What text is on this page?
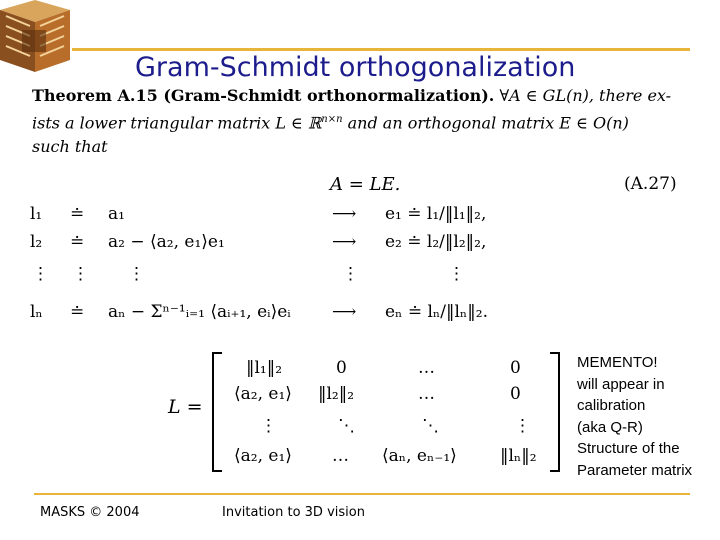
Gram-Schmidt orthogonalization
Theorem A.15 (Gram-Schmidt orthonormalization). ∀A ∈ GL(n), there ex-
ists a lower triangular matrix L ∈ ℝ$^{n\times n}$ and an orthogonal matrix E ∈ O(n)
such that
A = LE.	(A.27)
l₁ ≐ a₁	⟶ e₁ ≐ l₁/‖l₁‖₂,
l₂ ≐ a₂ − ⟨a₂, e₁⟩e₁	⟶ e₂ ≐ l₂/‖l₂‖₂,
⋮ ⋮ ⋮	⋮	⋮
lₙ ≐ aₙ − Σⁿ⁻¹ᵢ₌₁ ⟨aᵢ₊₁, eᵢ⟩eᵢ ⟶ eₙ ≐ lₙ/‖lₙ‖₂.
L =
‖l₁‖₂	0	…	0
⟨a₂, e₁⟩ ‖l₂‖₂	…	0
⋮	⋱	⋱	⋮
⟨a₂, e₁⟩ … ⟨aₙ, eₙ₋₁⟩	‖lₙ‖₂
MEMENTO!
will appear in
calibration
(aka Q-R)
Structure of the
Parameter matrix
MASKS © 2004	Invitation to 3D vision
